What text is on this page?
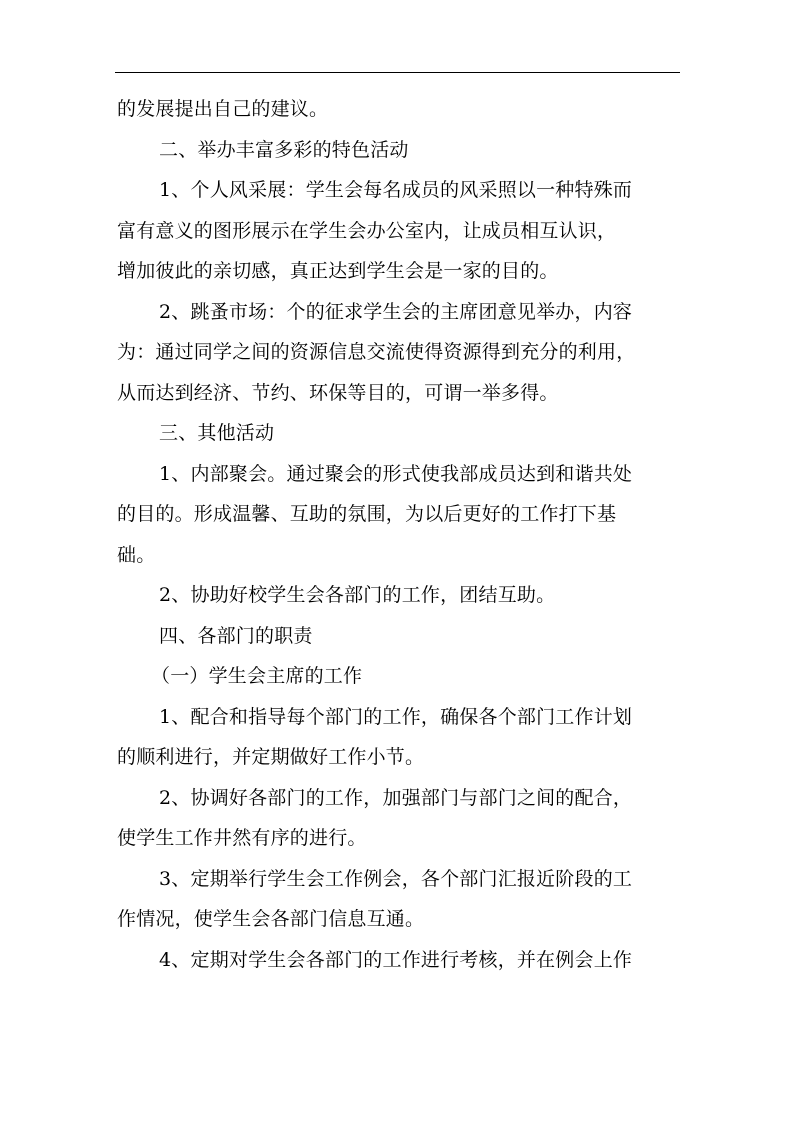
的发展提出自己的建议。
二、举办丰富多彩的特色活动
1、个人风采展：学生会每名成员的风采照以一种特殊而
富有意义的图形展示在学生会办公室内，让成员相互认识，
增加彼此的亲切感，真正达到学生会是一家的目的。
2、跳蚤市场：个的征求学生会的主席团意见举办，内容
为：通过同学之间的资源信息交流使得资源得到充分的利用，
从而达到经济、节约、环保等目的，可谓一举多得。
三、其他活动
1、内部聚会。通过聚会的形式使我部成员达到和谐共处
的目的。形成温馨、互助的氛围，为以后更好的工作打下基
础。
2、协助好校学生会各部门的工作，团结互助。
四、各部门的职责
（一）学生会主席的工作
1、配合和指导每个部门的工作，确保各个部门工作计划
的顺利进行，并定期做好工作小节。
2、协调好各部门的工作，加强部门与部门之间的配合，
使学生工作井然有序的进行。
3、定期举行学生会工作例会，各个部门汇报近阶段的工
作情况，使学生会各部门信息互通。
4、定期对学生会各部门的工作进行考核，并在例会上作
